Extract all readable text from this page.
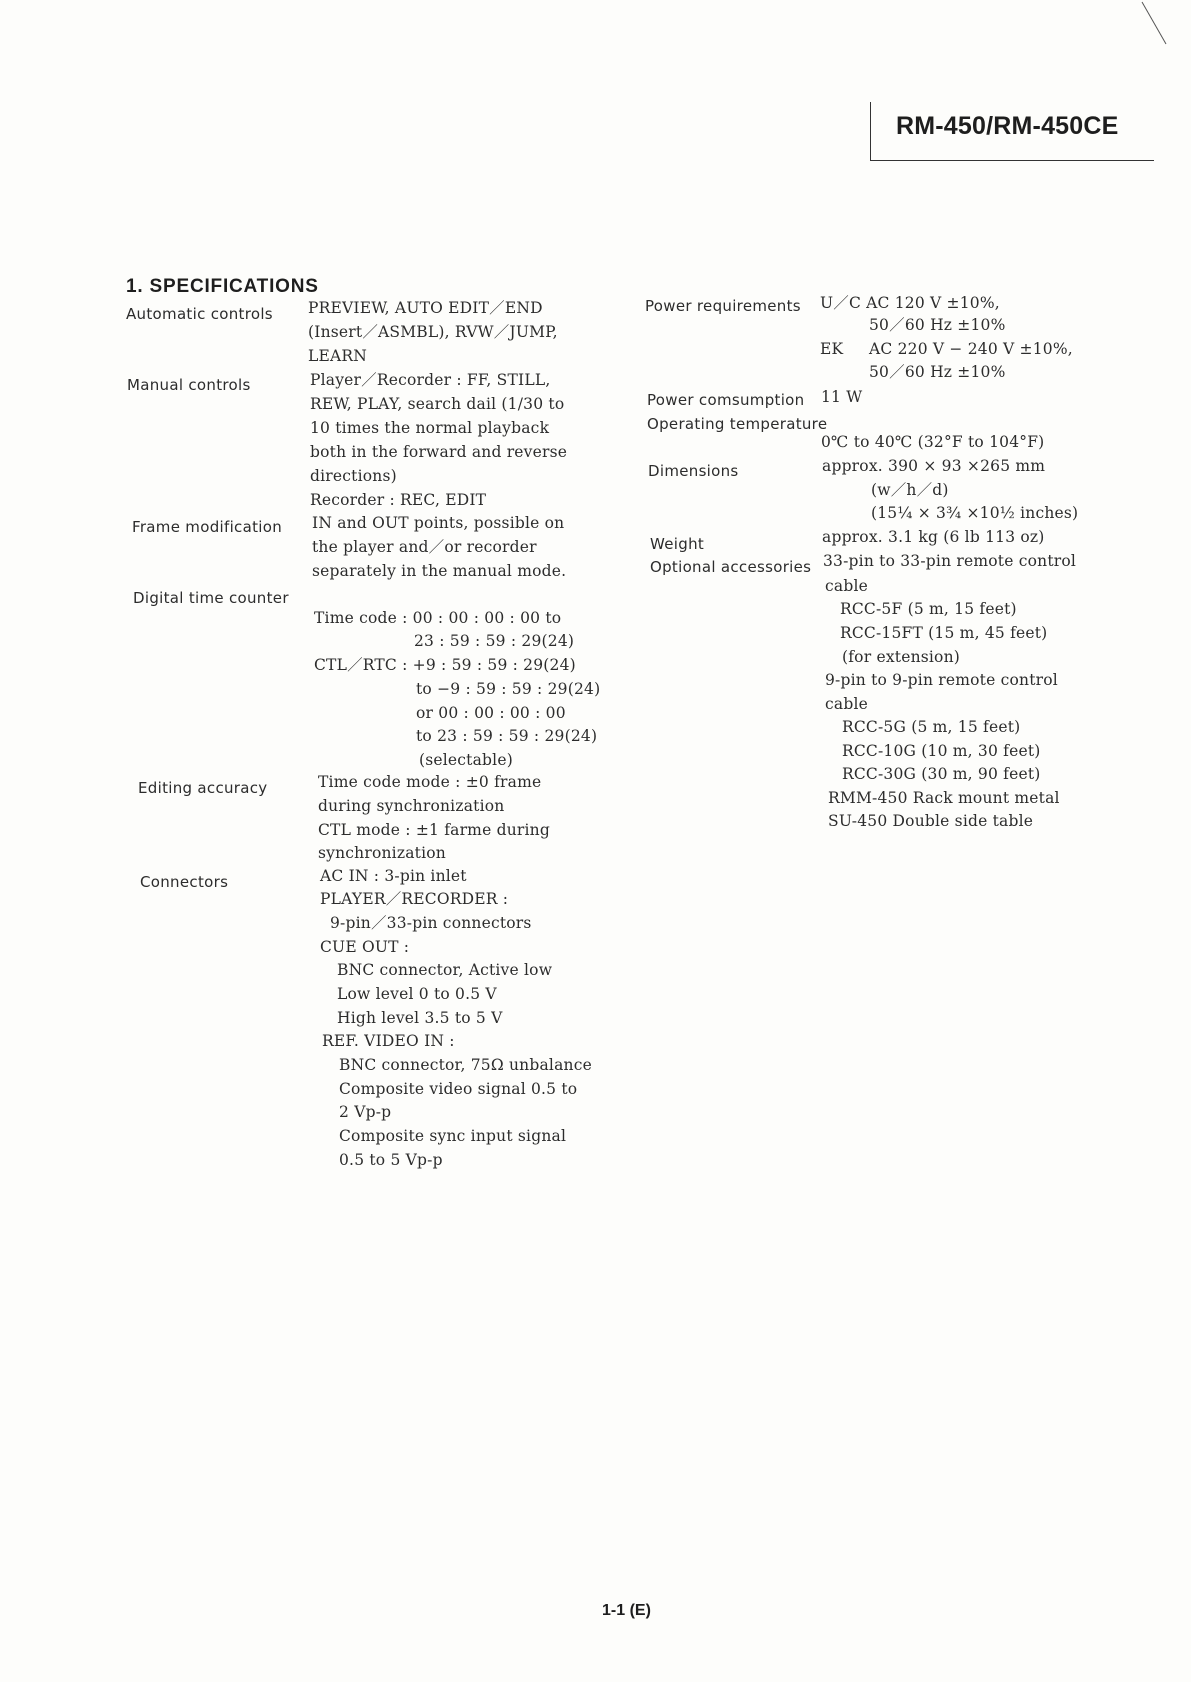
RM-450/RM-450CE
1. SPECIFICATIONS
Automatic controls
Manual controls
Frame modification
Digital time counter
Editing accuracy
Connectors
PREVIEW, AUTO EDIT／END
(Insert／ASMBL), RVW／JUMP,
LEARN
Player／Recorder : FF, STILL,
REW, PLAY, search dail (1/30 to
10 times the normal playback
both in the forward and reverse
directions)
Recorder : REC, EDIT
IN and OUT points, possible on
the player and／or recorder
separately in the manual mode.
Time code : 00 : 00 : 00 : 00 to
23 : 59 : 59 : 29(24)
CTL／RTC : +9 : 59 : 59 : 29(24)
to −9 : 59 : 59 : 29(24)
or 00 : 00 : 00 : 00
to 23 : 59 : 59 : 29(24)
(selectable)
Time code mode : ±0 frame
during synchronization
CTL mode : ±1 farme during
synchronization
AC IN : 3-pin inlet
PLAYER／RECORDER :
9-pin／33-pin connectors
CUE OUT :
BNC connector, Active low
Low level 0 to 0.5 V
High level 3.5 to 5 V
REF. VIDEO IN :
BNC connector, 75Ω unbalance
Composite video signal 0.5 to
2 Vp-p
Composite sync input signal
0.5 to 5 Vp-p
Power requirements
Power comsumption
Operating temperature
Dimensions
Weight
Optional accessories
U／C AC 120 V ±10%,
50／60 Hz ±10%
EK AC 220 V − 240 V ±10%,
50／60 Hz ±10%
11 W
0℃ to 40℃ (32°F to 104°F)
approx. 390 × 93 ×265 mm
(w／h／d)
(15¼ × 3¾ ×10½ inches)
approx. 3.1 kg (6 lb 113 oz)
33-pin to 33-pin remote control
cable
RCC-5F (5 m, 15 feet)
RCC-15FT (15 m, 45 feet)
(for extension)
9-pin to 9-pin remote control
cable
RCC-5G (5 m, 15 feet)
RCC-10G (10 m, 30 feet)
RCC-30G (30 m, 90 feet)
RMM-450 Rack mount metal
SU-450 Double side table
1-1 (E)
